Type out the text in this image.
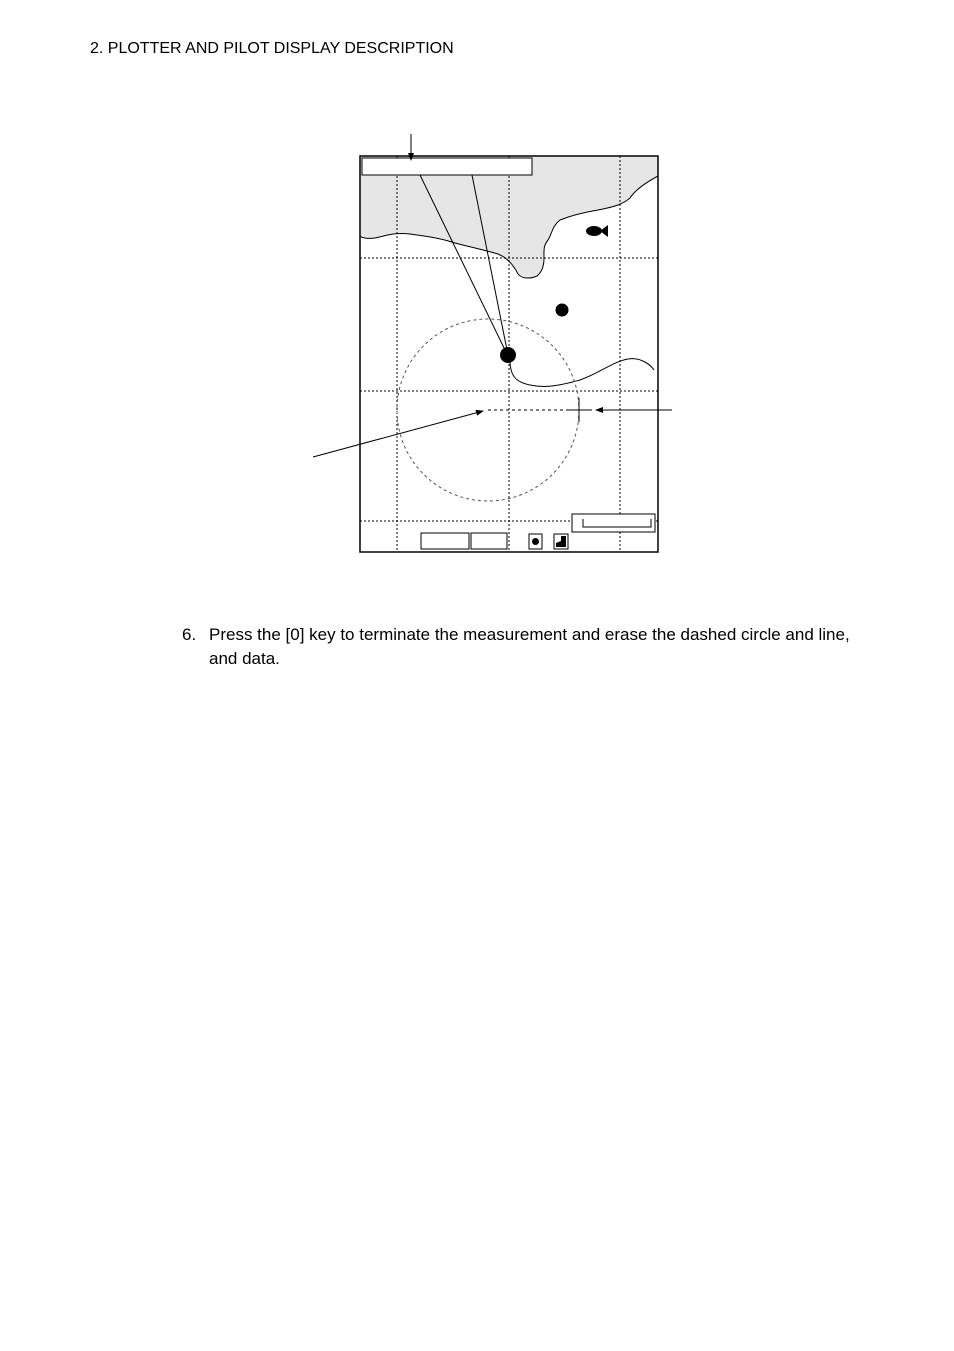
2. PLOTTER AND PILOT DISPLAY DESCRIPTION
6. Press the [0] key to terminate the measurement and erase the dashed circle and line, and data.
